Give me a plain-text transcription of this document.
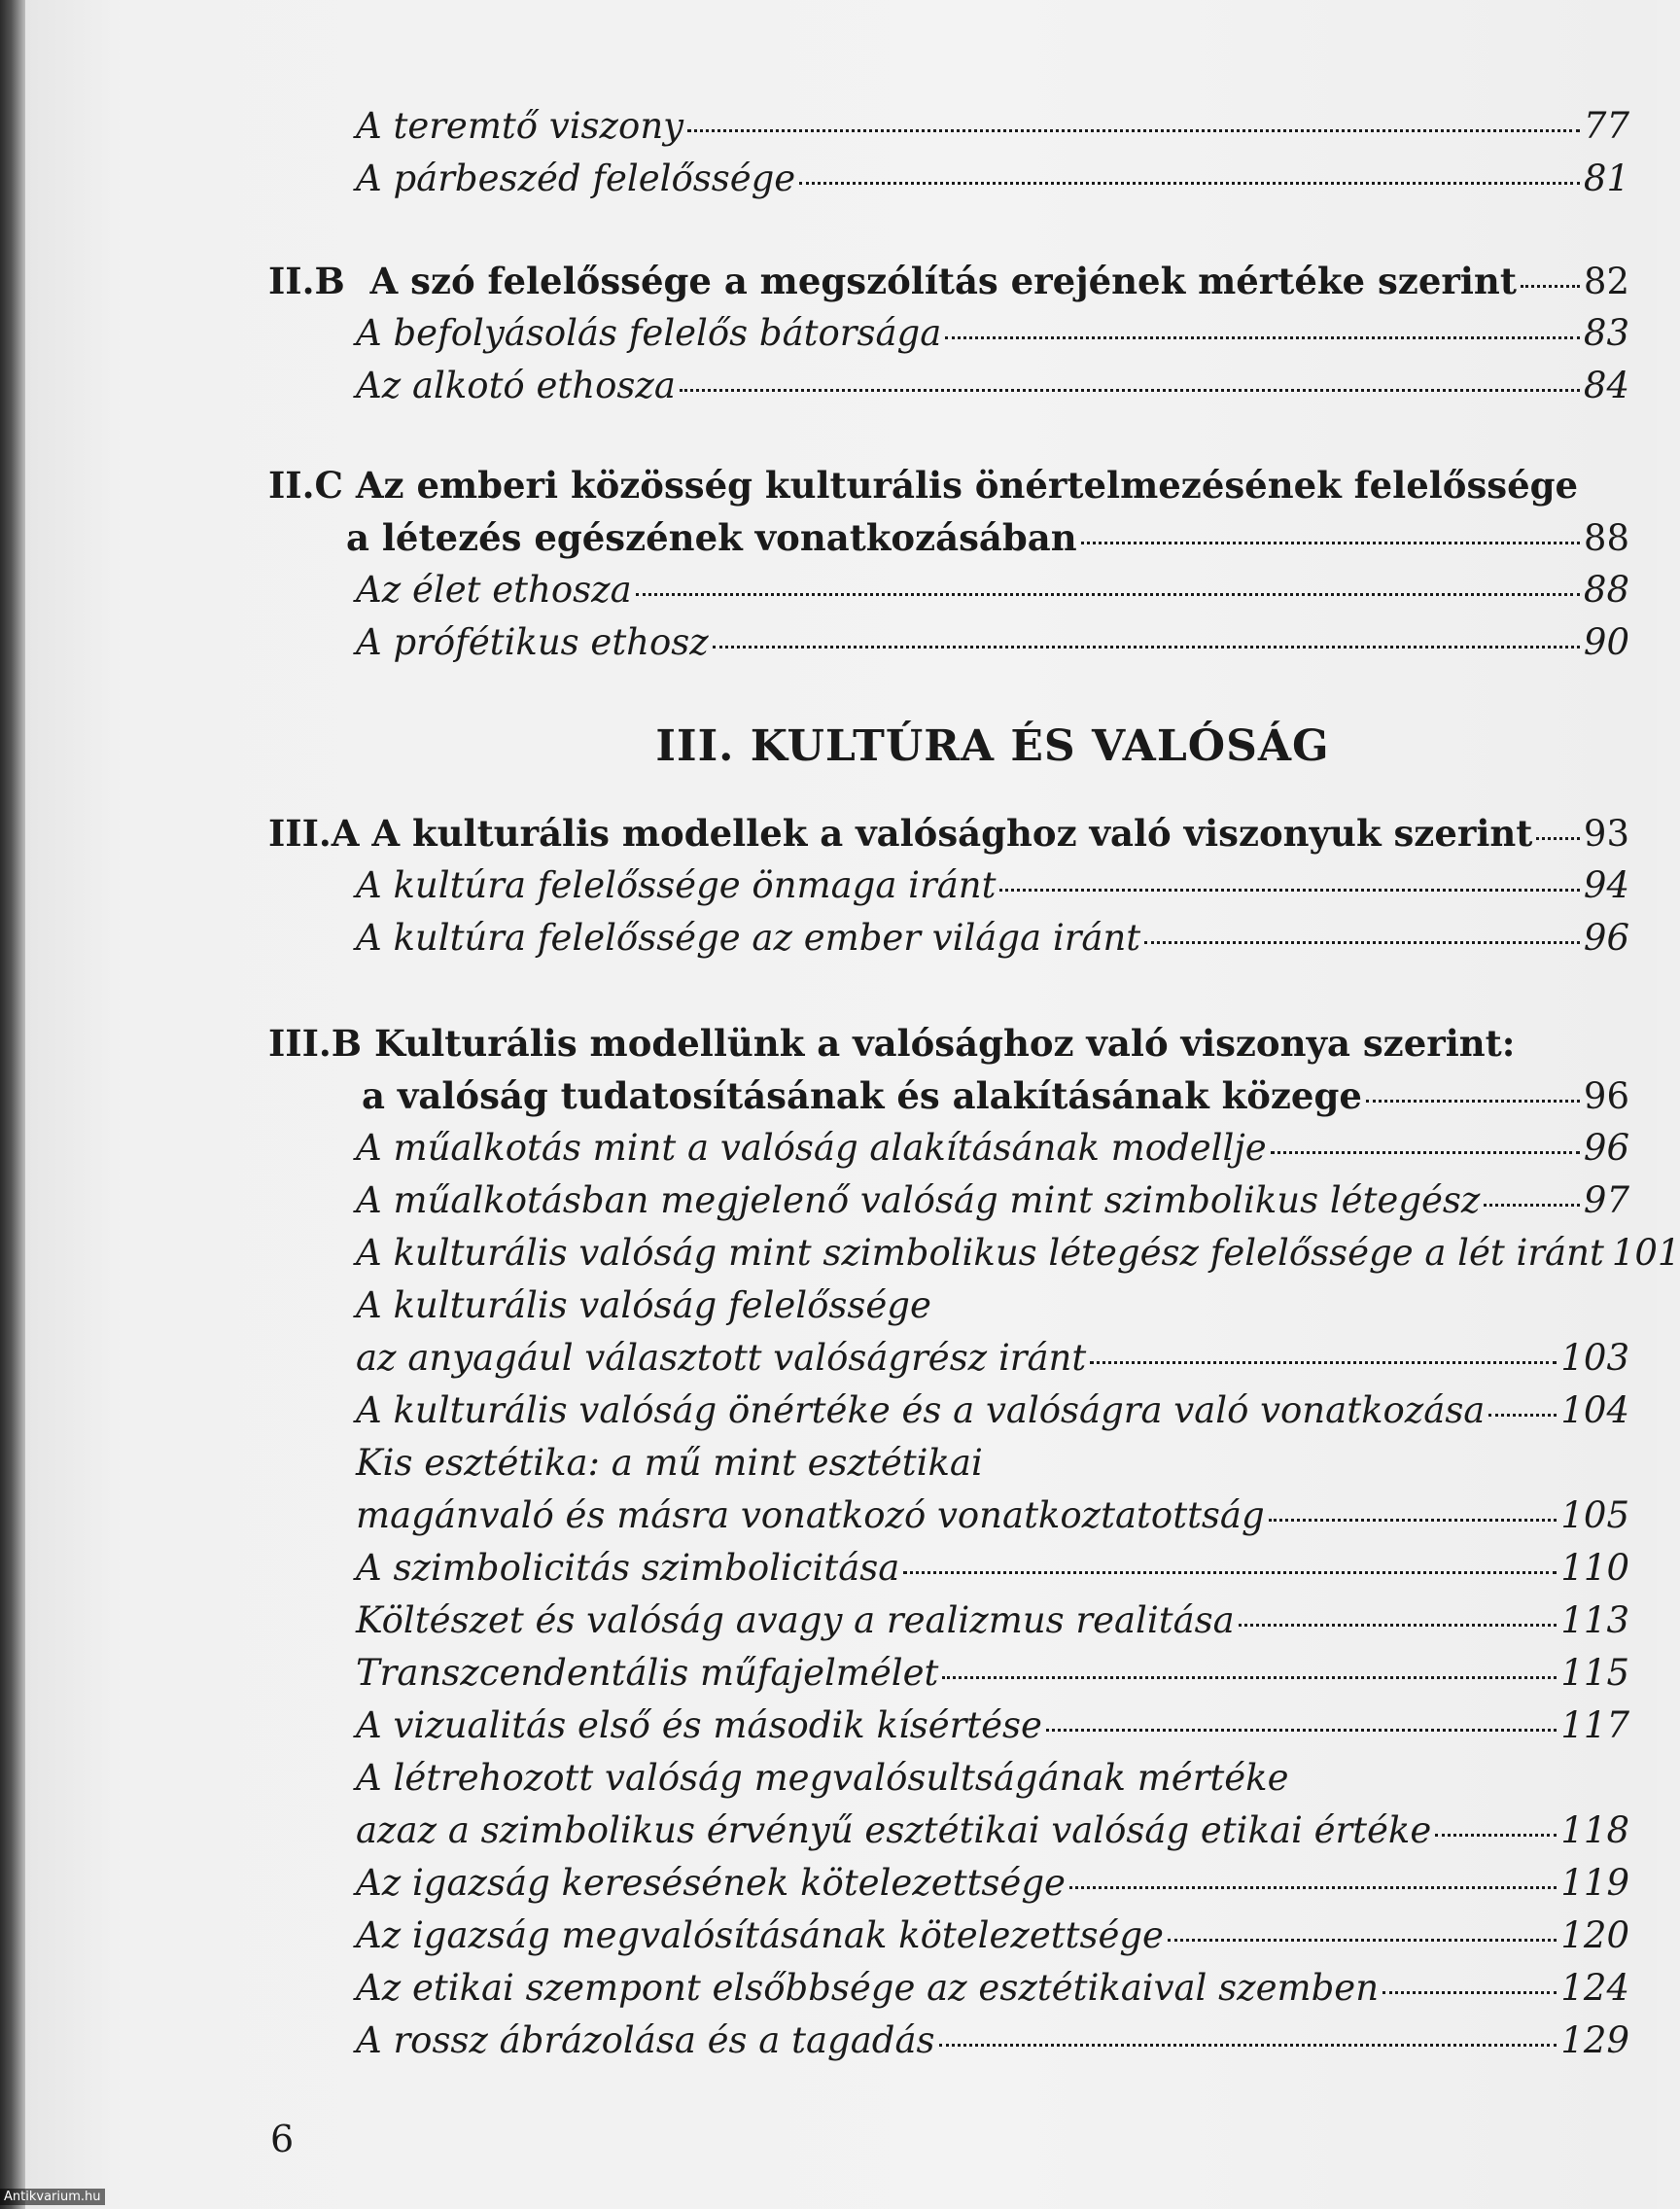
A teremtő viszony	77
A párbeszéd felelőssége	81
II.B A szó felelőssége a megszólítás erejének mértéke szerint 82
A befolyásolás felelős bátorsága	83
Az alkotó ethosza	84
II.C Az emberi közösség kulturális önértelmezésének felelőssége
a létezés egészének vonatkozásában	88
Az élet ethosza	88
A prófétikus ethosz	90
III. KULTÚRA ÉS VALÓSÁG
III.A A kulturális modellek a valósághoz való viszonyuk szerint 93
A kultúra felelőssége önmaga iránt	94
A kultúra felelőssége az ember világa iránt	96
III.B Kulturális modellünk a valósághoz való viszonya szerint:
a valóság tudatosításának és alakításának közege	96
A műalkotás mint a valóság alakításának modellje	96
A műalkotásban megjelenő valóság mint szimbolikus létegész	97
A kulturális valóság mint szimbolikus létegész felelőssége a lét iránt 101
A kulturális valóság felelőssége
az anyagául választott valóságrész iránt	103
A kulturális valóság önértéke és a valóságra való vonatkozása 104
Kis esztétika: a mű mint esztétikai
magánvaló és másra vonatkozó vonatkoztatottság	105
A szimbolicitás szimbolicitása	110
Költészet és valóság avagy a realizmus realitása	113
Transzcendentális műfajelmélet	115
A vizualitás első és második kísértése	117
A létrehozott valóság megvalósultságának mértéke
azaz a szimbolikus érvényű esztétikai valóság etikai értéke	118
Az igazság keresésének kötelezettsége	119
Az igazság megvalósításának kötelezettsége	120
Az etikai szempont elsőbbsége az esztétikaival szemben	124
A rossz ábrázolása és a tagadás	129
6
Antikvarium.hu
